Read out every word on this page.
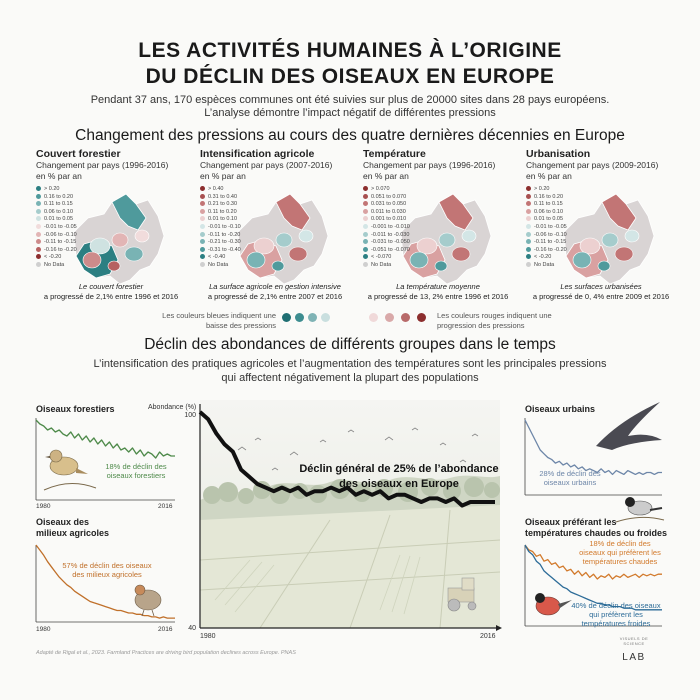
LES ACTIVITÉS HUMAINES À L’ORIGINE
DU DÉCLIN DES OISEAUX EN EUROPE
Pendant 37 ans, 170 espèces communes ont été suivies sur plus de 20000 sites dans 28 pays européens.
L’analyse démontre l’impact négatif de différentes pressions
Changement des pressions au cours des quatre dernières décennies en Europe
Couvert forestier
Changement par pays (1996-2016)
en % par an
> 0.20
0.16 to 0.20
0.11 to 0.15
0.06 to 0.10
0.01 to 0.05
-0.01 to -0.05
-0.06 to -0.10
-0.11 to -0.15
-0.16 to -0.20
< -0.20
No Data
Le couvert forestier
a progressé de 2,1% entre 1996 et 2016
Intensification agricole
Changement par pays (2007-2016)
en % par an
> 0.40
0.31 to 0.40
0.21 to 0.30
0.11 to 0.20
0.01 to 0.10
-0.01 to -0.10
-0.11 to -0.20
-0.21 to -0.30
-0.31 to -0.40
< -0.40
No Data
La surface agricole en gestion intensive
a progressé de 2,1% entre 2007 et 2016
Température
Changement par pays (1996-2016)
en % par an
> 0.070
0.051 to 0.070
0.031 to 0.050
0.011 to 0.030
0.001 to 0.010
-0.001 to -0.010
-0.011 to -0.030
-0.031 to -0.050
-0.051 to -0.070
< -0.070
No Data
La température moyenne
a progressé de 13, 2% entre 1996 et 2016
Urbanisation
Changement par pays (2009-2016)
en % par an
> 0.20
0.16 to 0.20
0.11 to 0.15
0.06 to 0.10
0.01 to 0.05
-0.01 to -0.05
-0.06 to -0.10
-0.11 to -0.15
-0.16 to -0.20
< -0.20
No Data
Les surfaces urbanisées
a progressé de 0, 4% entre 2009 et 2016
Les couleurs bleues indiquent une
baisse des pressions
Les couleurs rouges indiquent une
progression des pressions
Déclin des abondances de différents groupes dans le temps
L’intensification des pratiques agricoles et l’augmentation des températures sont les principales pressions
qui affectent négativement la plupart des populations
100
40
Abondance (%)
1980	2016
Déclin général de 25% de l’abondance
des oiseaux en Europe
Oiseaux forestiers
18% de déclin des
oiseaux forestiers
1980	2016
Oiseaux des
milieux agricoles
57% de déclin des oiseaux
des milieux agricoles
1980	2016
Oiseaux urbains
28% de déclin des
oiseaux urbains
Oiseaux préférant les
températures chaudes ou froides
18% de déclin des
oiseaux qui préfèrent les
températures chaudes
40% de déclin des oiseaux
qui préfèrent les
températures froides
Adapté de Rigal et al., 2023. Farmland Practices are driving bird population declines across Europe. PNAS
VISUELS DE SCIENCE
LAB
